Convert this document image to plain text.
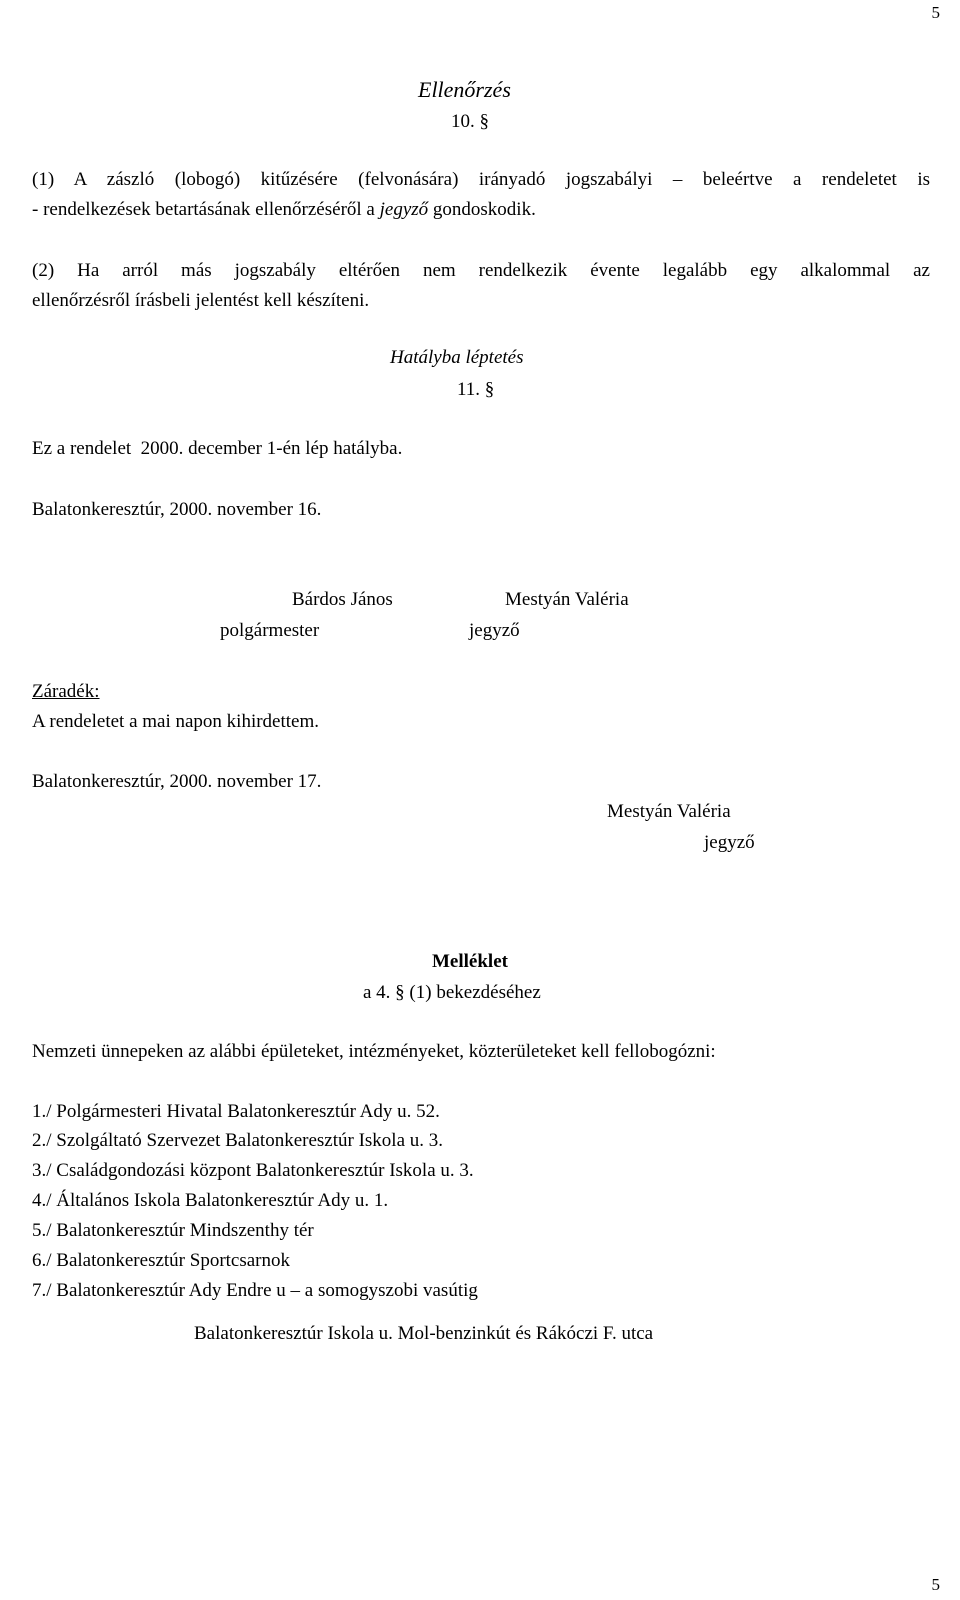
5
5
Ellenőrzés
10. §
(1) A zászló (lobogó) kitűzésére (felvonására) irányadó jogszabályi – beleértve a rendeletet is
- rendelkezések betartásának ellenőrzéséről a jegyző gondoskodik.
(2) Ha arról más jogszabály eltérően nem rendelkezik évente legalább egy alkalommal az
ellenőrzésről írásbeli jelentést kell készíteni.
Hatályba léptetés
11. §
Ez a rendelet  2000. december 1-én lép hatályba.
Balatonkeresztúr, 2000. november 16.
Bárdos János
polgármester
Mestyán Valéria
jegyző
Záradék:
A rendeletet a mai napon kihirdettem.
Balatonkeresztúr, 2000. november 17.
Mestyán Valéria
jegyző
Melléklet
a 4. § (1) bekezdéséhez
Nemzeti ünnepeken az alábbi épületeket, intézményeket, közterületeket kell fellobogózni:
1./ Polgármesteri Hivatal Balatonkeresztúr Ady u. 52.
2./ Szolgáltató Szervezet Balatonkeresztúr Iskola u. 3.
3./ Családgondozási központ Balatonkeresztúr Iskola u. 3.
4./ Általános Iskola Balatonkeresztúr Ady u. 1.
5./ Balatonkeresztúr Mindszenthy tér
6./ Balatonkeresztúr Sportcsarnok
7./ Balatonkeresztúr Ady Endre u – a somogyszobi vasútig
Balatonkeresztúr Iskola u. Mol-benzinkút és Rákóczi F. utca
